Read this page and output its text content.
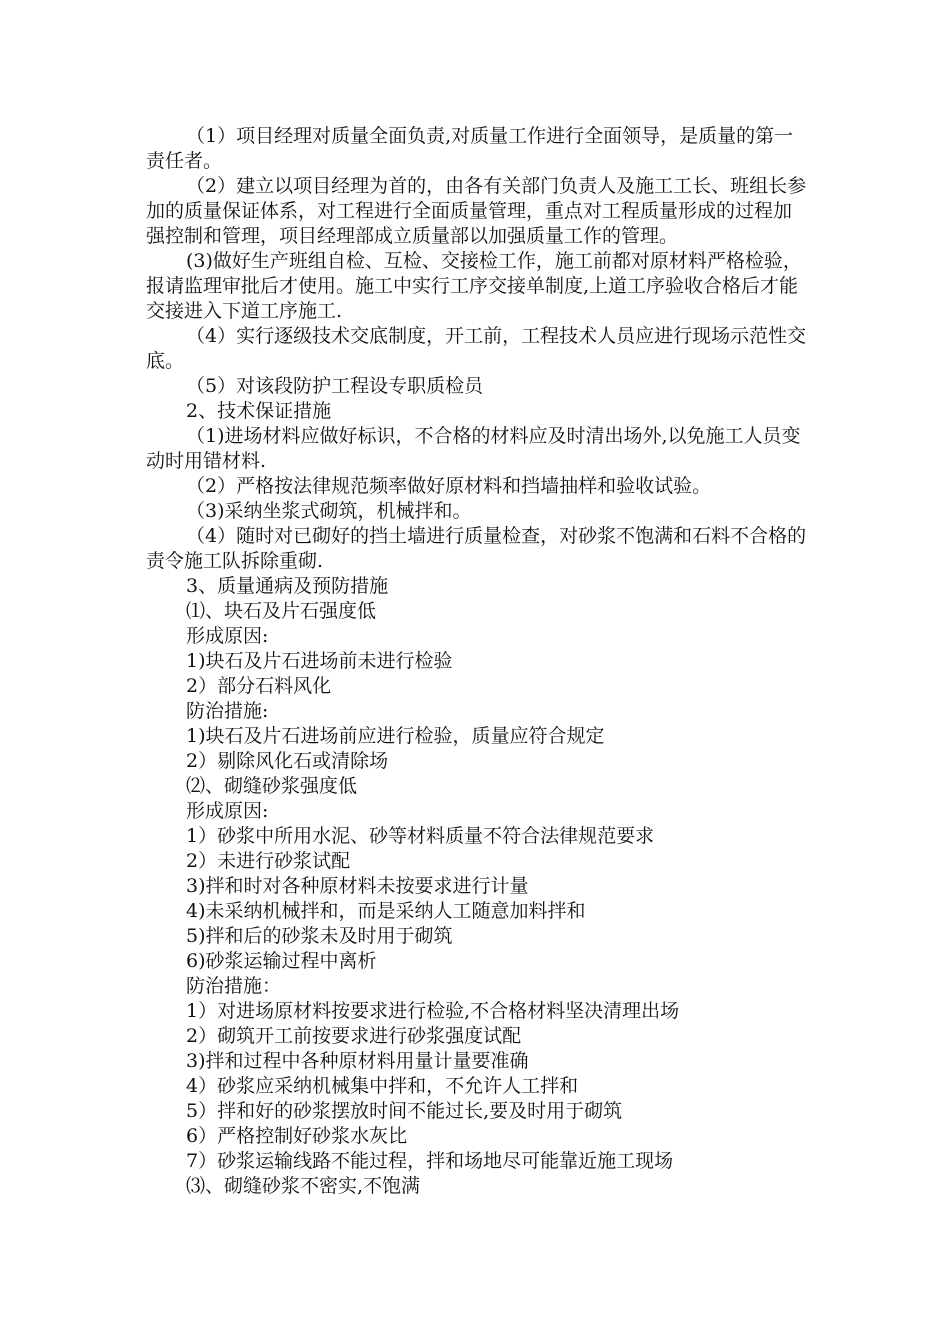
（1）项目经理对质量全面负责,对质量工作进行全面领导，是质量的第一责任者。

（2）建立以项目经理为首的，由各有关部门负责人及施工工长、班组长参加的质量保证体系，对工程进行全面质量管理，重点对工程质量形成的过程加强控制和管理，项目经理部成立质量部以加强质量工作的管理。

(3)做好生产班组自检、互检、交接检工作，施工前都对原材料严格检验，报请监理审批后才使用。施工中实行工序交接单制度,上道工序验收合格后才能交接进入下道工序施工.

（4）实行逐级技术交底制度，开工前，工程技术人员应进行现场示范性交底。

（5）对该段防护工程设专职质检员

2、技术保证措施

（1)进场材料应做好标识，不合格的材料应及时清出场外,以免施工人员变动时用错材料.

（2）严格按法律规范频率做好原材料和挡墙抽样和验收试验。

（3)采纳坐浆式砌筑，机械拌和。

（4）随时对已砌好的挡土墙进行质量检查，对砂浆不饱满和石料不合格的责令施工队拆除重砌.

3、质量通病及预防措施

⑴、块石及片石强度低

形成原因:

1)块石及片石进场前未进行检验

2）部分石料风化

防治措施:

1)块石及片石进场前应进行检验，质量应符合规定

2）剔除风化石或清除场

⑵、砌缝砂浆强度低

形成原因:

1）砂浆中所用水泥、砂等材料质量不符合法律规范要求

2）未进行砂浆试配

3)拌和时对各种原材料未按要求进行计量

4)未采纳机械拌和，而是采纳人工随意加料拌和

5)拌和后的砂浆未及时用于砌筑

6)砂浆运输过程中离析

防治措施：

1）对进场原材料按要求进行检验,不合格材料坚决清理出场

2）砌筑开工前按要求进行砂浆强度试配

3)拌和过程中各种原材料用量计量要准确

4）砂浆应采纳机械集中拌和，不允许人工拌和

5）拌和好的砂浆摆放时间不能过长,要及时用于砌筑

6）严格控制好砂浆水灰比

7）砂浆运输线路不能过程，拌和场地尽可能靠近施工现场

⑶、砌缝砂浆不密实,不饱满
